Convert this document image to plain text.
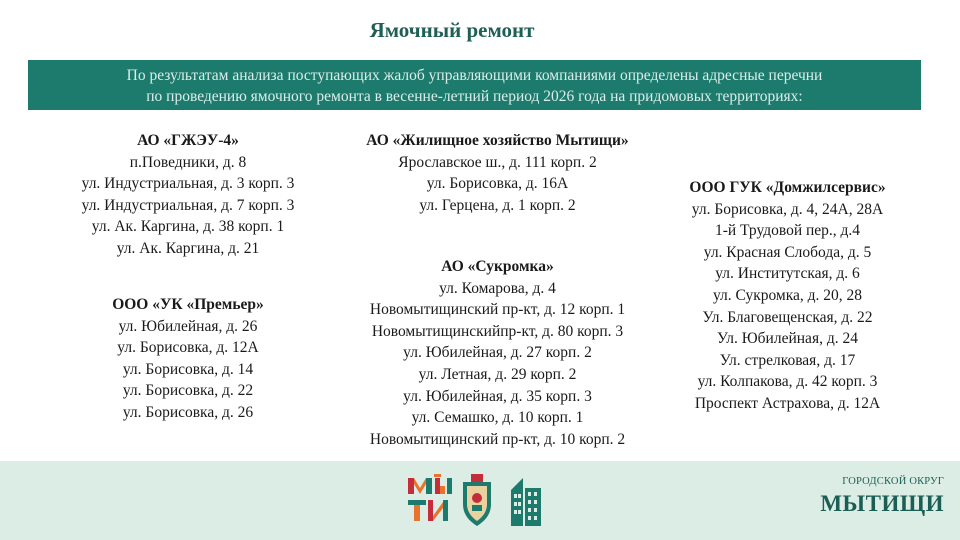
Ямочный ремонт
По результатам анализа поступающих жалоб управляющими компаниями определены адресные перечни
по проведению ямочного ремонта в весенне-летний период 2026 года на придомовых территориях:
АО «ГЖЭУ-4»
п.Поведники, д. 8
ул. Индустриальная, д. 3 корп. 3
ул. Индустриальная, д. 7 корп. 3
ул. Ак. Каргина, д. 38 корп. 1
ул. Ак. Каргина, д. 21
ООО «УК «Премьер»
ул. Юбилейная, д. 26
ул. Борисовка, д. 12А
ул. Борисовка, д. 14
ул. Борисовка, д. 22
ул. Борисовка, д. 26
АО «Жилищное хозяйство Мытищи»
Ярославское ш., д. 111 корп. 2
ул. Борисовка, д. 16А
ул. Герцена, д. 1 корп. 2
АО «Сукромка»
ул. Комарова, д. 4
Новомытищинский пр-кт, д. 12 корп. 1
Новомытищинскийпр-кт, д. 80 корп. 3
ул. Юбилейная, д. 27 корп. 2
ул. Летная, д. 29 корп. 2
ул. Юбилейная, д. 35 корп. 3
ул. Семашко, д. 10 корп. 1
Новомытищинский пр-кт, д. 10 корп. 2
ООО ГУК «Домжилсервис»
ул. Борисовка, д. 4, 24А, 28А
1-й Трудовой пер., д.4
ул. Красная Слобода, д. 5
ул. Институтская, д. 6
ул. Сукромка, д. 20, 28
Ул. Благовещенская, д. 22
Ул. Юбилейная, д. 24
Ул. стрелковая, д. 17
ул. Колпакова, д. 42 корп. 3
Проспект Астрахова, д. 12А
ГОРОДСКОЙ ОКРУГ
МЫТИЩИ
